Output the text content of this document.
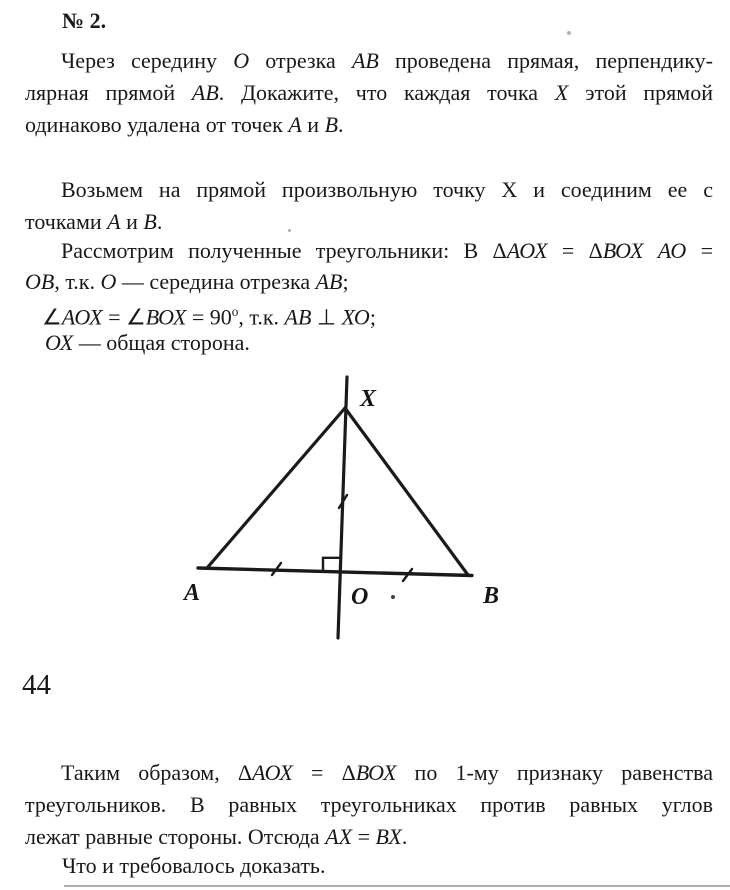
№ 2.
Через середину О отрезка АВ проведена прямая, перпендику-
лярная прямой АВ. Докажите, что каждая точка Х этой прямой
одинаково удалена от точек А и В.
Возьмем на прямой произвольную точку Х и соединим ее с
точками А и В.
Рассмотрим полученные треугольники: В ΔАОХ = ΔВОХ АО =
ОВ, т.к. О — середина отрезка АВ;
∠АОХ = ∠ВОХ = $90^о$, т.к. АВ ⊥ ХО;
ОХ — общая сторона.
X
A	O	B
44
Таким образом, ΔАОХ = ΔВОХ по 1-му признаку равенства
треугольников. В равных треугольниках против равных углов
лежат равные стороны. Отсюда АХ = ВХ.
Что и требовалось доказать.
